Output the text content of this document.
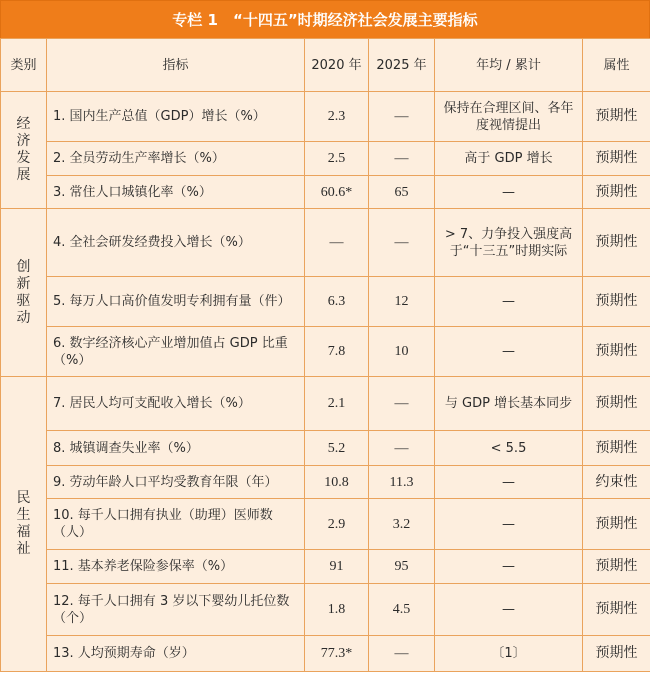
专栏 1　“十四五”时期经济社会发展主要指标
类别	指标	2020 年	2025 年	年均 / 累计	属性

经
济
发
展	1. 国内生产总值（GDP）增长（%）	2.3	—	保持在合理区间、各年度视情提出	预期性
	2. 全员劳动生产率增长（%）	2.5	—	高于 GDP 增长	预期性
	3. 常住人口城镇化率（%）	60.6*	65	—	预期性

创
新
驱
动	4. 全社会研发经费投入增长（%）	—	—	> 7、力争投入强度高于“十三五”时期实际	预期性
	5. 每万人口高价值发明专利拥有量（件）	6.3	12	—	预期性
	6. 数字经济核心产业增加值占 GDP 比重（%）	7.8	10	—	预期性

民
生
福
祉	7. 居民人均可支配收入增长（%）	2.1	—	与 GDP 增长基本同步	预期性
	8. 城镇调查失业率（%）	5.2	—	< 5.5	预期性
	9. 劳动年龄人口平均受教育年限（年）	10.8	11.3	—	约束性
	10. 每千人口拥有执业（助理）医师数（人）	2.9	3.2	—	预期性
	11. 基本养老保险参保率（%）	91	95	—	预期性
	12. 每千人口拥有 3 岁以下婴幼儿托位数（个）	1.8	4.5	—	预期性
	13. 人均预期寿命（岁）	77.3*	—	〔1〕	预期性
